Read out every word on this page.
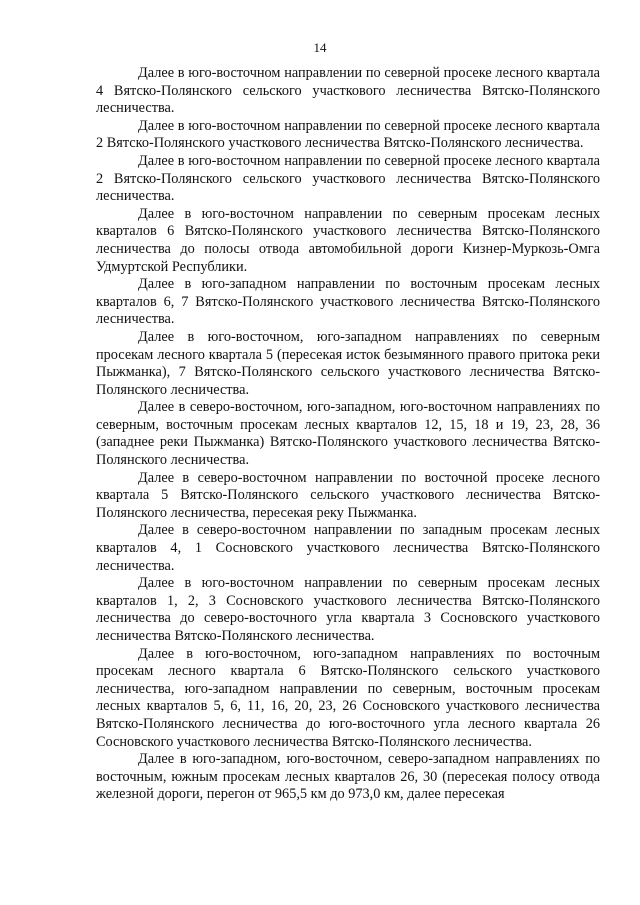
14

Далее в юго-восточном направлении по северной просеке лесного квартала 4 Вятско-Полянского сельского участкового лесничества Вятско-Полянского лесничества.

Далее в юго-восточном направлении по северной просеке лесного квартала 2 Вятско-Полянского участкового лесничества Вятско-Полянского лесничества.

Далее в юго-восточном направлении по северной просеке лесного квартала 2 Вятско-Полянского сельского участкового лесничества Вятско-Полянского лесничества.

Далее в юго-восточном направлении по северным просекам лесных кварталов 6 Вятско-Полянского участкового лесничества Вятско-Полянского лесничества до полосы отвода автомобильной дороги Кизнер-Муркозь-Омга Удмуртской Республики.

Далее в юго-западном направлении по восточным просекам лесных кварталов 6, 7 Вятско-Полянского участкового лесничества Вятско-Полянского лесничества.

Далее в юго-восточном, юго-западном направлениях по северным просекам лесного квартала 5 (пересекая исток безымянного правого притока реки Пыжманка), 7 Вятско-Полянского сельского участкового лесничества Вятско-Полянского лесничества.

Далее в северо-восточном, юго-западном, юго-восточном направлениях по северным, восточным просекам лесных кварталов 12, 15, 18 и 19, 23, 28, 36 (западнее реки Пыжманка) Вятско-Полянского участкового лесничества Вятско-Полянского лесничества.

Далее в северо-восточном направлении по восточной просеке лесного квартала 5 Вятско-Полянского сельского участкового лесничества Вятско-Полянского лесничества, пересекая реку Пыжманка.

Далее в северо-восточном направлении по западным просекам лесных кварталов 4, 1 Сосновского участкового лесничества Вятско-Полянского лесничества.

Далее в юго-восточном направлении по северным просекам лесных кварталов 1, 2, 3 Сосновского участкового лесничества Вятско-Полянского лесничества до северо-восточного угла квартала 3 Сосновского участкового лесничества Вятско-Полянского лесничества.

Далее в юго-восточном, юго-западном направлениях по восточным просекам лесного квартала 6 Вятско-Полянского сельского участкового лесничества, юго-западном направлении по северным, восточным просекам лесных кварталов 5, 6, 11, 16, 20, 23, 26 Сосновского участкового лесничества Вятско-Полянского лесничества до юго-восточного угла лесного квартала 26 Сосновского участкового лесничества Вятско-Полянского лесничества.

Далее в юго-западном, юго-восточном, северо-западном направлениях по восточным, южным просекам лесных кварталов 26, 30 (пересекая полосу отвода железной дороги, перегон от 965,5 км до 973,0 км, далее пересекая
